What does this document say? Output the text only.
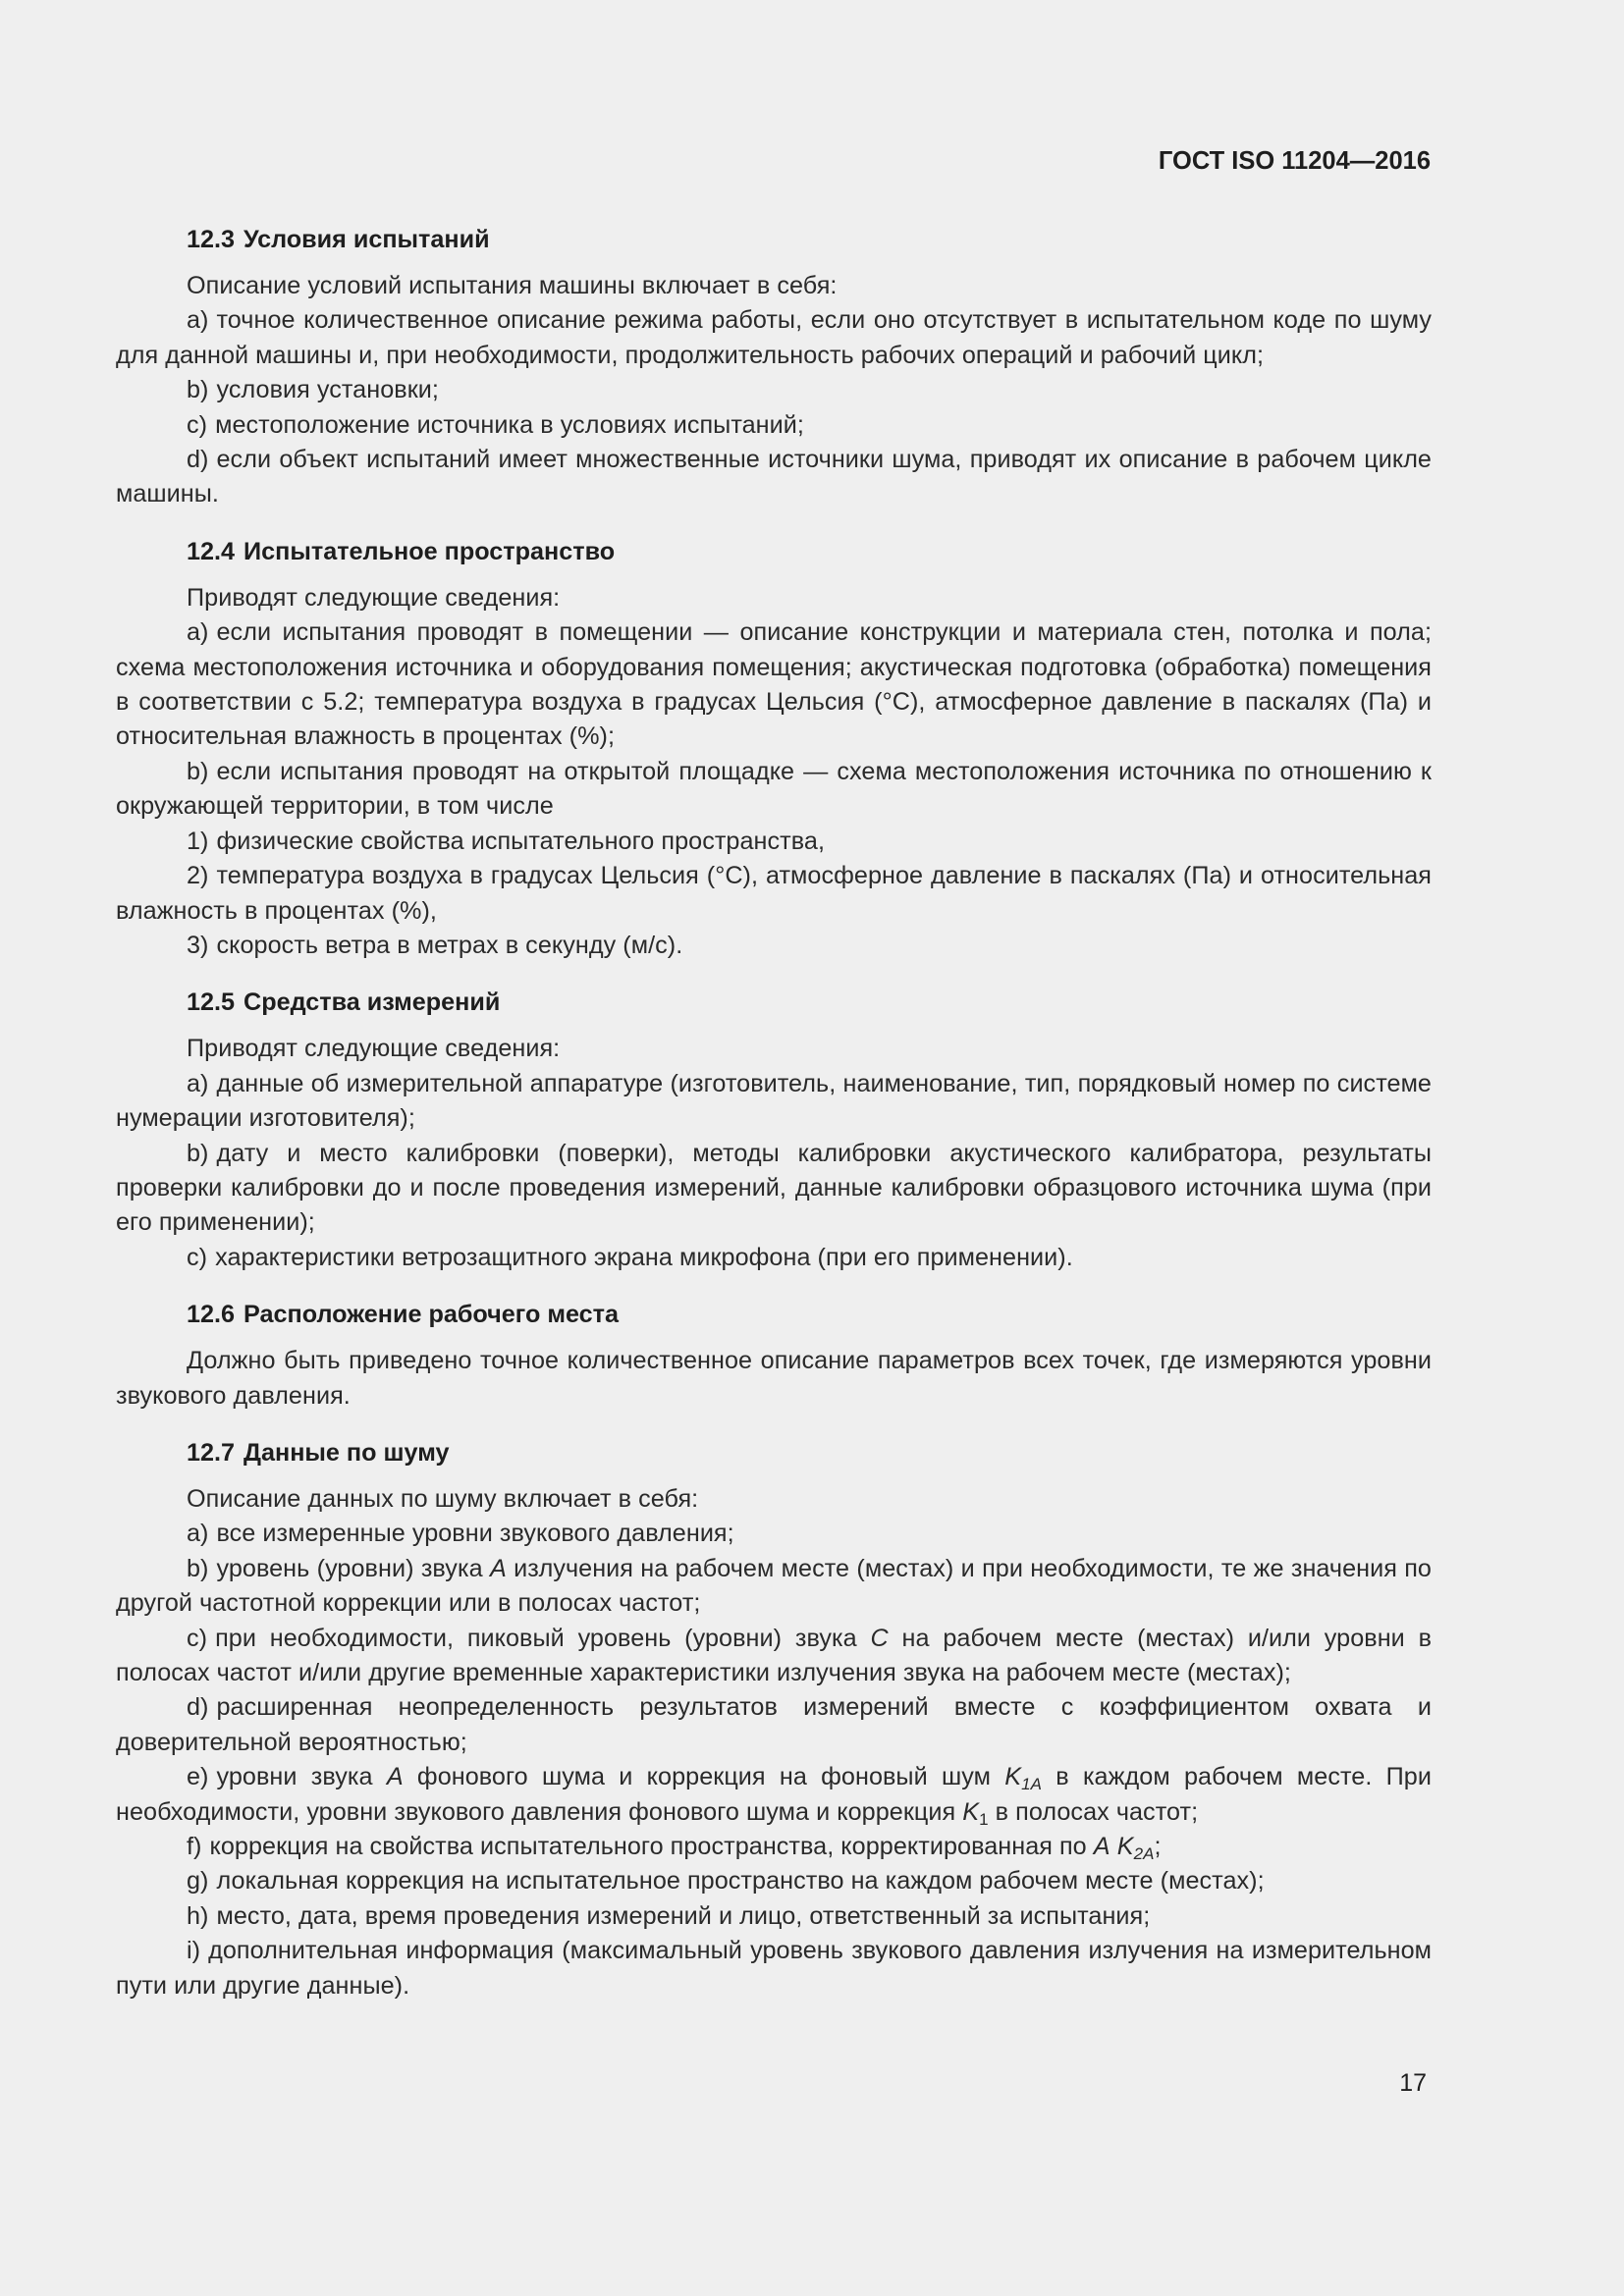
ГОСТ ISO 11204—2016
12.3 Условия испытаний

Описание условий испытания машины включает в себя:

a) точное количественное описание режима работы, если оно отсутствует в испытательном коде по шуму для данной машины и, при необходимости, продолжительность рабочих операций и рабочий цикл;

b) условия установки;

c) местоположение источника в условиях испытаний;

d) если объект испытаний имеет множественные источники шума, приводят их описание в рабочем цикле машины.

12.4 Испытательное пространство

Приводят следующие сведения:

a) если испытания проводят в помещении — описание конструкции и материала стен, потолка и пола; схема местоположения источника и оборудования помещения; акустическая подготовка (обработка) помещения в соответствии с 5.2; температура воздуха в градусах Цельсия (°С), атмосферное давление в паскалях (Па) и относительная влажность в процентах (%);

b) если испытания проводят на открытой площадке — схема местоположения источника по отношению к окружающей территории, в том числе

1) физические свойства испытательного пространства,

2) температура воздуха в градусах Цельсия (°С), атмосферное давление в паскалях (Па) и относительная влажность в процентах (%),

3) скорость ветра в метрах в секунду (м/с).

12.5 Средства измерений

Приводят следующие сведения:

a) данные об измерительной аппаратуре (изготовитель, наименование, тип, порядковый номер по системе нумерации изготовителя);

b) дату и место калибровки (поверки), методы калибровки акустического калибратора, результаты проверки калибровки до и после проведения измерений, данные калибровки образцового источника шума (при его применении);

c) характеристики ветрозащитного экрана микрофона (при его применении).

12.6 Расположение рабочего места

Должно быть приведено точное количественное описание параметров всех точек, где измеряются уровни звукового давления.

12.7 Данные по шуму

Описание данных по шуму включает в себя:

a) все измеренные уровни звукового давления;

b) уровень (уровни) звука A излучения на рабочем месте (местах) и при необходимости, те же значения по другой частотной коррекции или в полосах частот;

c) при необходимости, пиковый уровень (уровни) звука C на рабочем месте (местах) и/или уровни в полосах частот и/или другие временные характеристики излучения звука на рабочем месте (местах);

d) расширенная неопределенность результатов измерений вместе с коэффициентом охвата и доверительной вероятностью;

e) уровни звука A фонового шума и коррекция на фоновый шум $K_{1A}$ в каждом рабочем месте. При необходимости, уровни звукового давления фонового шума и коррекция $K_1$ в полосах частот;

f) коррекция на свойства испытательного пространства, корректированная по A $K_{2A}$;

g) локальная коррекция на испытательное пространство на каждом рабочем месте (местах);

h) место, дата, время проведения измерений и лицо, ответственный за испытания;

i) дополнительная информация (максимальный уровень звукового давления излучения на измерительном пути или другие данные).

17
